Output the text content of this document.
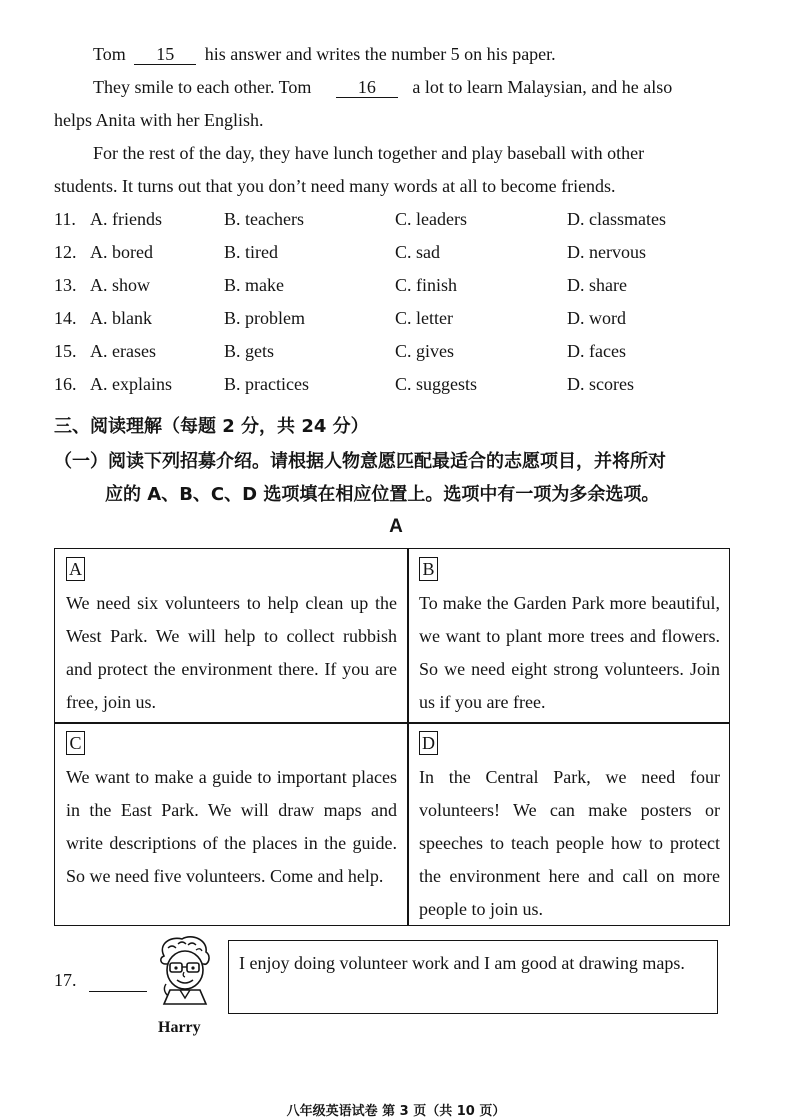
Tom 15 his answer and writes the number 5 on his paper.
They smile to each other. Tom	16 a lot to learn Malaysian, and he also
helps Anita with her English.
For the rest of the day, they have lunch together and play baseball with other
students. It turns out that you don’t need many words at all to become friends.
11. A. friends	B. teachers	C. leaders	D. classmates
12. A. bored	B. tired	C. sad	D. nervous
13. A. show	B. make	C. finish	D. share
14. A. blank	B. problem	C. letter	D. word
15. A. erases	B. gets	C. gives	D. faces
16. A. explains	B. practices	C. suggests	D. scores
三、阅读理解（每题 2 分，共 24 分）
（一）阅读下列招募介绍。请根据人物意愿匹配最适合的志愿项目，并将所对
应的 A、B、C、D 选项填在相应位置上。选项中有一项为多余选项。
A
A
We need six volunteers to help clean up the West Park. We will help to collect rubbish and protect the environment there. If you are free, join us.
B
To make the Garden Park more beautiful, we want to plant more trees and flowers. So we need eight strong volunteers. Join us if you are free.
C
We want to make a guide to important places in the East Park. We will draw maps and write descriptions of the places in the guide. So we need five volunteers. Come and help.
D
In the Central Park, we need four volunteers! We can make posters or speeches to teach people how to protect the environment here and call on more people to join us.
17.
Harry
I enjoy doing volunteer work and I am good at drawing maps.
八年级英语试卷 第 3 页（共 10 页）
